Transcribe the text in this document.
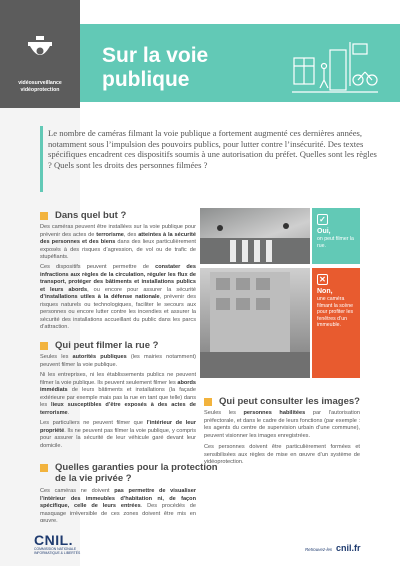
vidéosurveillance
vidéoprotection
Sur la voie
publique
Le nombre de caméras filmant la voie publique a fortement augmenté ces dernières années, notamment sous l’impulsion des pouvoirs publics, pour lutter contre l’insécurité. Des textes spécifiques encadrent ces dispositifs soumis à une autorisation du préfet. Quelles sont les règles ? Quels sont les droits des personnes filmées ?
Dans quel but ?
Des caméras peuvent être installées sur la voie publique pour prévenir des actes de terrorisme, des atteintes à la sécurité des personnes et des biens dans des lieux particulièrement exposés à des risques d’agression, de vol ou de trafic de stupéfiants.
Ces dispositifs peuvent permettre de constater des infractions aux règles de la circulation, réguler les flux de transport, protéger des bâtiments et installations publics et leurs abords, ou encore pour assurer la sécurité d’installations utiles à la défense nationale, prévenir des risques naturels ou technologiques, faciliter le secours aux personnes ou encore lutter contre les incendies et assurer la sécurité des installations accueillant du public dans les parcs d’attraction.
✓
Oui,
on peut filmer la rue.
✕
Non,
une caméra filmant la scène pour profiter les fenêtres d’un immeuble.
Qui peut filmer la rue ?
Seules les autorités publiques (les mairies notamment) peuvent filmer la voie publique.
Ni les entreprises, ni les établissements publics ne peuvent filmer la voie publique. Ils peuvent seulement filmer les abords immédiats de leurs bâtiments et installations (la façade extérieure par exemple mais pas la rue en tant que telle) dans les lieux susceptibles d’être exposés à des actes de terrorisme.
Les particuliers ne peuvent filmer que l’intérieur de leur propriété. Ils ne peuvent pas filmer la voie publique, y compris pour assurer la sécurité de leur véhicule garé devant leur domicile.
Qui peut consulter les images?
Seules les personnes habilitées par l’autorisation préfectorale, et dans le cadre de leurs fonctions (par exemple : les agents du centre de supervision urbain d’une commune), peuvent visionner les images enregistrées.
Ces personnes doivent être particulièrement formées et sensibilisées aux règles de mise en œuvre d’un système de vidéoprotection.
Quelles garanties pour la protection
de la vie privée ?
Ces caméras ne doivent pas permettre de visualiser l’intérieur des immeubles d’habitation ni, de façon spécifique, celle de leurs entrées. Des procédés de masquage irréversible de ces zones doivent être mis en œuvre.
CNIL.
COMMISSION NATIONALE INFORMATIQUE & LIBERTÉS
Retrouvez-les cnil.fr
